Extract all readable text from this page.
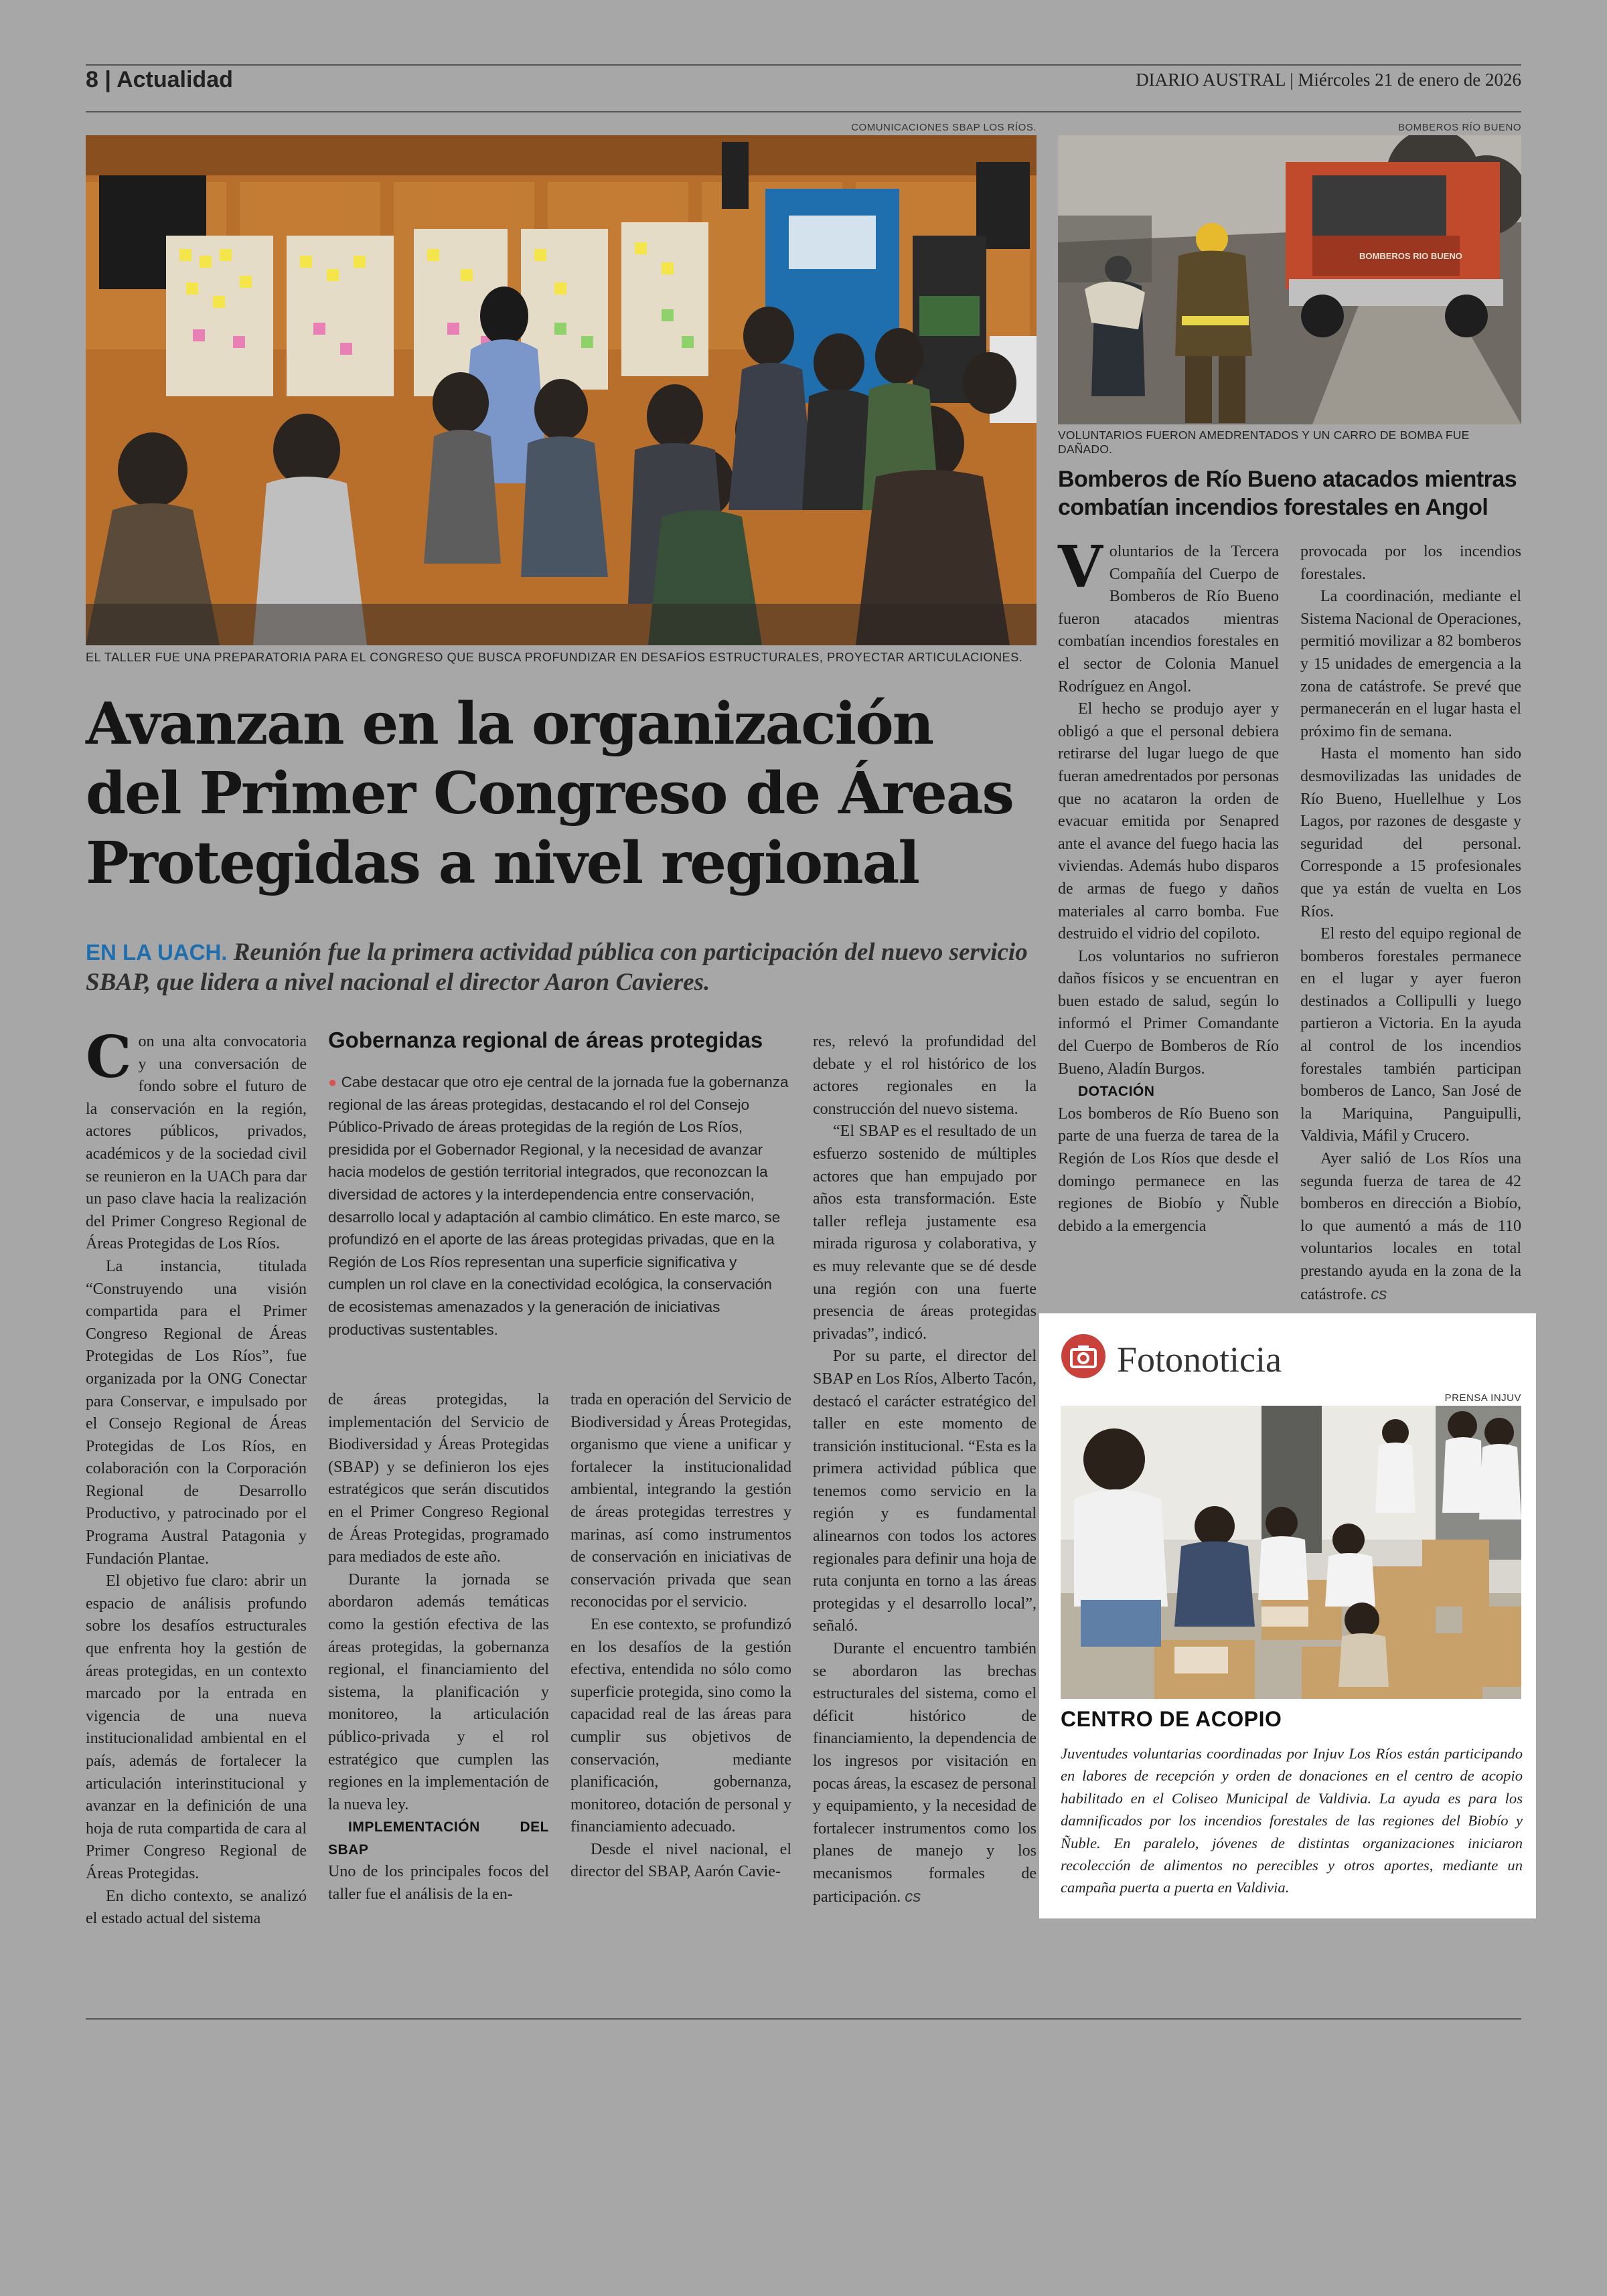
8 | Actualidad	DIARIO AUSTRAL | Miércoles 21 de enero de 2026
COMUNICACIONES SBAP LOS RÍOS.
EL TALLER FUE UNA PREPARATORIA PARA EL CONGRESO QUE BUSCA PROFUNDIZAR EN DESAFÍOS ESTRUCTURALES, PROYECTAR ARTICULACIONES.
Avanzan en la organización del Primer Congreso de Áreas Protegidas a nivel regional
EN LA UACH. Reunión fue la primera actividad pública con participación del nuevo servicio SBAP, que lidera a nivel nacional el director Aaron Cavieres.

Con una alta convocatoria y una conversación de fondo sobre el futuro de la conservación en la región, actores públicos, privados, académicos y de la sociedad civil se reunieron en la UACh para dar un paso clave hacia la realización del Primer Congreso Regional de Áreas Protegidas de Los Ríos.

La instancia, titulada “Construyendo una visión compartida para el Primer Congreso Regional de Áreas Protegidas de Los Ríos”, fue organizada por la ONG Conectar para Conservar, e impulsado por el Consejo Regional de Áreas Protegidas de Los Ríos, en colaboración con la Corporación Regional de Desarrollo Productivo, y patrocinado por el Programa Austral Patagonia y Fundación Plantae.

El objetivo fue claro: abrir un espacio de análisis profundo sobre los desafíos estructurales que enfrenta hoy la gestión de áreas protegidas, en un contexto marcado por la entrada en vigencia de una nueva institucionalidad ambiental en el país, además de fortalecer la articulación interinstitucional y avanzar en la definición de una hoja de ruta compartida de cara al Primer Congreso Regional de Áreas Protegidas.

En dicho contexto, se analizó el estado actual del sistema

Gobernanza regional de áreas protegidas
● Cabe destacar que otro eje central de la jornada fue la gobernanza regional de las áreas protegidas, destacando el rol del Consejo Público-Privado de áreas protegidas de la región de Los Ríos, presidida por el Gobernador Regional, y la necesidad de avanzar hacia modelos de gestión territorial integrados, que reconozcan la diversidad de actores y la interdependencia entre conservación, desarrollo local y adaptación al cambio climático. En este marco, se profundizó en el aporte de las áreas protegidas privadas, que en la Región de Los Ríos representan una superficie significativa y cumplen un rol clave en la conectividad ecológica, la conservación de ecosistemas amenazados y la generación de iniciativas productivas sustentables.

de áreas protegidas, la implementación del Servicio de Biodiversidad y Áreas Protegidas (SBAP) y se definieron los ejes estratégicos que serán discutidos en el Primer Congreso Regional de Áreas Protegidas, programado para mediados de este año.

Durante la jornada se abordaron además temáticas como la gestión efectiva de las áreas protegidas, la gobernanza regional, el financiamiento del sistema, la planificación y monitoreo, la articulación público-privada y el rol estratégico que cumplen las regiones en la implementación de la nueva ley.

IMPLEMENTACIÓN DEL SBAP

Uno de los principales focos del taller fue el análisis de la en-

trada en operación del Servicio de Biodiversidad y Áreas Protegidas, organismo que viene a unificar y fortalecer la institucionalidad ambiental, integrando la gestión de áreas protegidas terrestres y marinas, así como instrumentos de conservación en iniciativas de conservación privada que sean reconocidas por el servicio.

En ese contexto, se profundizó en los desafíos de la gestión efectiva, entendida no sólo como superficie protegida, sino como la capacidad real de las áreas para cumplir sus objetivos de conservación, mediante planificación, gobernanza, monitoreo, dotación de personal y financiamiento adecuado.

Desde el nivel nacional, el director del SBAP, Aarón Cavie-

res, relevó la profundidad del debate y el rol histórico de los actores regionales en la construcción del nuevo sistema.

“El SBAP es el resultado de un esfuerzo sostenido de múltiples actores que han empujado por años esta transformación. Este taller refleja justamente esa mirada rigurosa y colaborativa, y es muy relevante que se dé desde una región con una fuerte presencia de áreas protegidas privadas”, indicó.

Por su parte, el director del SBAP en Los Ríos, Alberto Tacón, destacó el carácter estratégico del taller en este momento de transición institucional. “Esta es la primera actividad pública que tenemos como servicio en la región y es fundamental alinearnos con todos los actores regionales para definir una hoja de ruta conjunta en torno a las áreas protegidas y el desarrollo local”, señaló.

Durante el encuentro también se abordaron las brechas estructurales del sistema, como el déficit histórico de financiamiento, la dependencia de los ingresos por visitación en pocas áreas, la escasez de personal y equipamiento, y la necesidad de fortalecer instrumentos como los planes de manejo y los mecanismos formales de participación. cs

BOMBEROS RÍO BUENO
BOMBEROS RIO BUENO
VOLUNTARIOS FUERON AMEDRENTADOS Y UN CARRO DE BOMBA FUE DAÑADO.
Bomberos de Río Bueno atacados mientras combatían incendios forestales en Angol

Voluntarios de la Tercera Compañía del Cuerpo de Bomberos de Río Bueno fueron atacados mientras combatían incendios forestales en el sector de Colonia Manuel Rodríguez en Angol.

El hecho se produjo ayer y obligó a que el personal debiera retirarse del lugar luego de que fueran amedrentados por personas que no acataron la orden de evacuar emitida por Senapred ante el avance del fuego hacia las viviendas. Además hubo disparos de armas de fuego y daños materiales al carro bomba. Fue destruido el vidrio del copiloto.

Los voluntarios no sufrieron daños físicos y se encuentran en buen estado de salud, según lo informó el Primer Comandante del Cuerpo de Bomberos de Río Bueno, Aladín Burgos.

DOTACIÓN

Los bomberos de Río Bueno son parte de una fuerza de tarea de la Región de Los Ríos que desde el domingo permanece en las regiones de Biobío y Ñuble debido a la emergencia

provocada por los incendios forestales.

La coordinación, mediante el Sistema Nacional de Operaciones, permitió movilizar a 82 bomberos y 15 unidades de emergencia a la zona de catástrofe. Se prevé que permanecerán en el lugar hasta el próximo fin de semana.

Hasta el momento han sido desmovilizadas las unidades de Río Bueno, Huellelhue y Los Lagos, por razones de desgaste y seguridad del personal. Corresponde a 15 profesionales que ya están de vuelta en Los Ríos.

El resto del equipo regional de bomberos forestales permanece en el lugar y ayer fueron destinados a Collipulli y luego partieron a Victoria. En la ayuda al control de los incendios forestales también participan bomberos de Lanco, San José de la Mariquina, Panguipulli, Valdivia, Máfil y Crucero.

Ayer salió de Los Ríos una segunda fuerza de tarea de 42 bomberos en dirección a Biobío, lo que aumentó a más de 110 voluntarios locales en total prestando ayuda en la zona de la catástrofe. cs

Fotonoticia
PRENSA INJUV
CENTRO DE ACOPIO
Juventudes voluntarias coordinadas por Injuv Los Ríos están participando en labores de recepción y orden de donaciones en el centro de acopio habilitado en el Coliseo Municipal de Valdivia. La ayuda es para los damnificados por los incendios forestales de las regiones del Biobío y Ñuble. En paralelo, jóvenes de distintas organizaciones iniciaron recolección de alimentos no perecibles y otros aportes, mediante un campaña puerta a puerta en Valdivia.
